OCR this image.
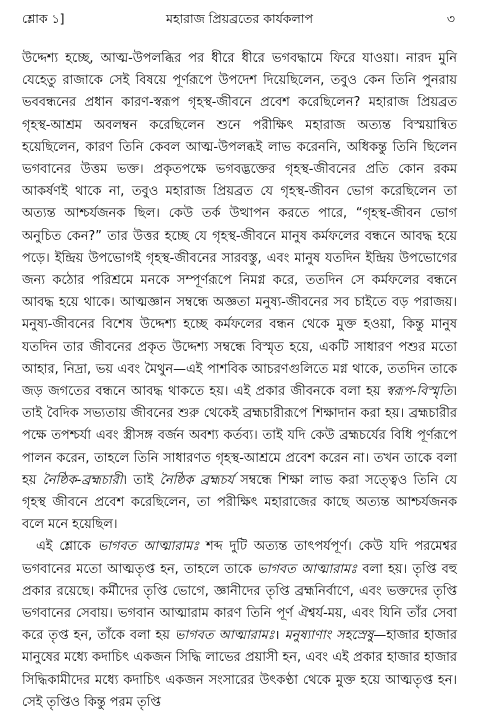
শ্লোক ১]	মহারাজ প্রিয়ব্রতের কার্যকলাপ	৩

উদ্দেশ্য হচ্ছে, আত্ম-উপলব্ধির পর ধীরে ধীরে ভগবদ্ধামে ফিরে যাওয়া। নারদ মুনি যেহেতু রাজাকে সেই বিষয়ে পূর্ণরূপে উপদেশ দিয়েছিলেন, তবুও কেন তিনি পুনরায় ভববন্ধনের প্রধান কারণ-স্বরূপ গৃহস্থ-জীবনে প্রবেশ করেছিলেন? মহারাজ প্রিয়ব্রত গৃহস্থ-আশ্রম অবলম্বন করেছিলেন শুনে পরীক্ষিৎ মহারাজ অত্যন্ত বিস্ময়ান্বিত হয়েছিলেন, কারণ তিনি কেবল আত্ম-উপলব্ধই লাভ করেননি, অধিকন্তু তিনি ছিলেন ভগবানের উত্তম ভক্ত। প্রকৃতপক্ষে ভগবদ্ভক্তের গৃহস্থ-জীবনের প্রতি কোন রকম আকর্ষণই থাকে না, তবুও মহারাজ প্রিয়ব্রত যে গৃহস্থ-জীবন ভোগ করেছিলেন তা অত্যন্ত আশ্চর্যজনক ছিল। কেউ তর্ক উত্থাপন করতে পারে, “গৃহস্থ-জীবন ভোগ অনুচিত কেন?” তার উত্তর হচ্ছে যে গৃহস্থ-জীবনে মানুষ কর্মফলের বন্ধনে আবদ্ধ হয়ে পড়ে। ইন্দ্রিয় উপভোগই গৃহস্থ-জীবনের সারবস্তু, এবং মানুষ যতদিন ইন্দ্রিয় উপভোগের জন্য কঠোর পরিশ্রমে মনকে সম্পূর্ণরূপে নিমগ্ন করে, ততদিন সে কর্মফলের বন্ধনে আবদ্ধ হয়ে থাকে। আত্মজ্ঞান সম্বন্ধে অজ্ঞতা মনুষ্য-জীবনের সব চাইতে বড় পরাজয়। মনুষ্য-জীবনের বিশেষ উদ্দেশ্য হচ্ছে কর্মফলের বন্ধন থেকে মুক্ত হওয়া, কিন্তু মানুষ যতদিন তার জীবনের প্রকৃত উদ্দেশ্য সম্বন্ধে বিস্মৃত হয়ে, একটি সাধারণ পশুর মতো আহার, নিদ্রা, ভয় এবং মৈথুন—এই পাশবিক আচরণগুলিতে মগ্ন থাকে, ততদিন তাকে জড় জগতের বন্ধনে আবদ্ধ থাকতে হয়। এই প্রকার জীবনকে বলা হয় স্বরূপ-বিস্মৃতি। তাই বৈদিক সভ্যতায় জীবনের শুরু থেকেই ব্রহ্মচারীরূপে শিক্ষাদান করা হয়। ব্রহ্মচারীর পক্ষে তপশ্চর্যা এবং স্ত্রীসঙ্গ বর্জন অবশ্য কর্তব্য। তাই যদি কেউ ব্রহ্মচর্যের বিধি পূর্ণরূপে পালন করেন, তাহলে তিনি সাধারণত গৃহস্থ-আশ্রমে প্রবেশ করেন না। তখন তাকে বলা হয় নৈষ্ঠিক-ব্রহ্মচারী। তাই নৈষ্ঠিক ব্রহ্মচর্য সম্বন্ধে শিক্ষা লাভ করা সত্ত্বেও তিনি যে গৃহস্থ জীবনে প্রবেশ করেছিলেন, তা পরীক্ষিৎ মহারাজের কাছে অত্যন্ত আশ্চর্যজনক বলে মনে হয়েছিল।

এই শ্লোকে ভাগবত আত্মারামঃ শব্দ দুটি অত্যন্ত তাৎপর্যপূর্ণ। কেউ যদি পরমেশ্বর ভগবানের মতো আত্মতৃপ্ত হন, তাহলে তাকে ভাগবত আত্মারামঃ বলা হয়। তৃপ্তি বহু প্রকার রয়েছে। কর্মীদের তৃপ্তি ভোগে, জ্ঞানীদের তৃপ্তি ব্রহ্মনির্বাণে, এবং ভক্তদের তৃপ্তি ভগবানের সেবায়। ভগবান আত্মারাম কারণ তিনি পূর্ণ ঐশ্বর্য-ময়, এবং যিনি তাঁর সেবা করে তৃপ্ত হন, তাঁকে বলা হয় ভাগবত আত্মারামঃ। মনুষ্যাণাং সহস্রেষু—হাজার হাজার মানুষের মধ্যে কদাচিৎ একজন সিদ্ধি লাভের প্রয়াসী হন, এবং এই প্রকার হাজার হাজার সিদ্ধিকামীদের মধ্যে কদাচিৎ একজন সংসারের উৎকণ্ঠা থেকে মুক্ত হয়ে আত্মতৃপ্ত হন। সেই তৃপ্তিও কিন্তু পরম তৃপ্তি
